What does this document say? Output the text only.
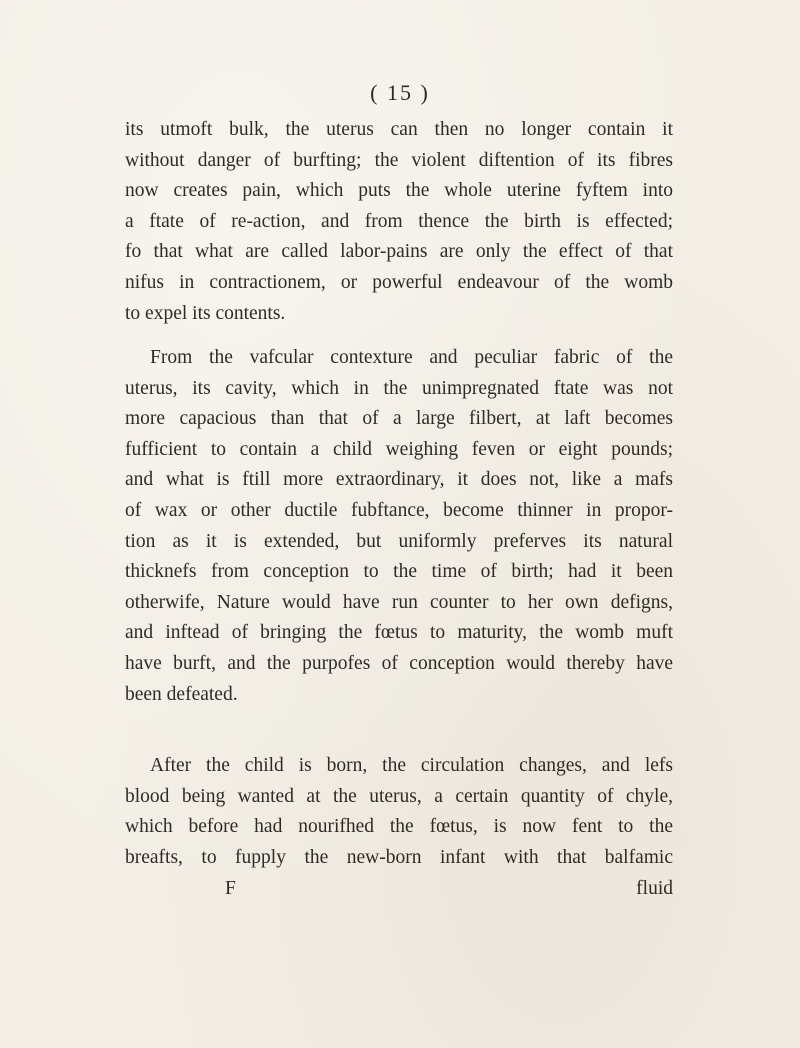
( 15 )
its utmoft bulk, the uterus can then no longer contain it
without danger of burfting; the violent diftention of its fibres
now creates pain, which puts the whole uterine fyftem into
a ftate of re-action, and from thence the birth is effected;
fo that what are called labor-pains are only the effect of that
nifus in contractionem, or powerful endeavour of the womb
to expel its contents.
From the vafcular contexture and peculiar fabric of the
uterus, its cavity, which in the unimpregnated ftate was not
more capacious than that of a large filbert, at laft becomes
fufficient to contain a child weighing feven or eight pounds;
and what is ftill more extraordinary, it does not, like a mafs
of wax or other ductile fubftance, become thinner in propor-
tion as it is extended, but uniformly preferves its natural
thicknefs from conception to the time of birth; had it been
otherwife, Nature would have run counter to her own defigns,
and inftead of bringing the fœtus to maturity, the womb muft
have burft, and the purpofes of conception would thereby have
been defeated.
After the child is born, the circulation changes, and lefs
blood being wanted at the uterus, a certain quantity of chyle,
which before had nourifhed the fœtus, is now fent to the
breafts, to fupply the new-born infant with that balfamic
F	fluid
